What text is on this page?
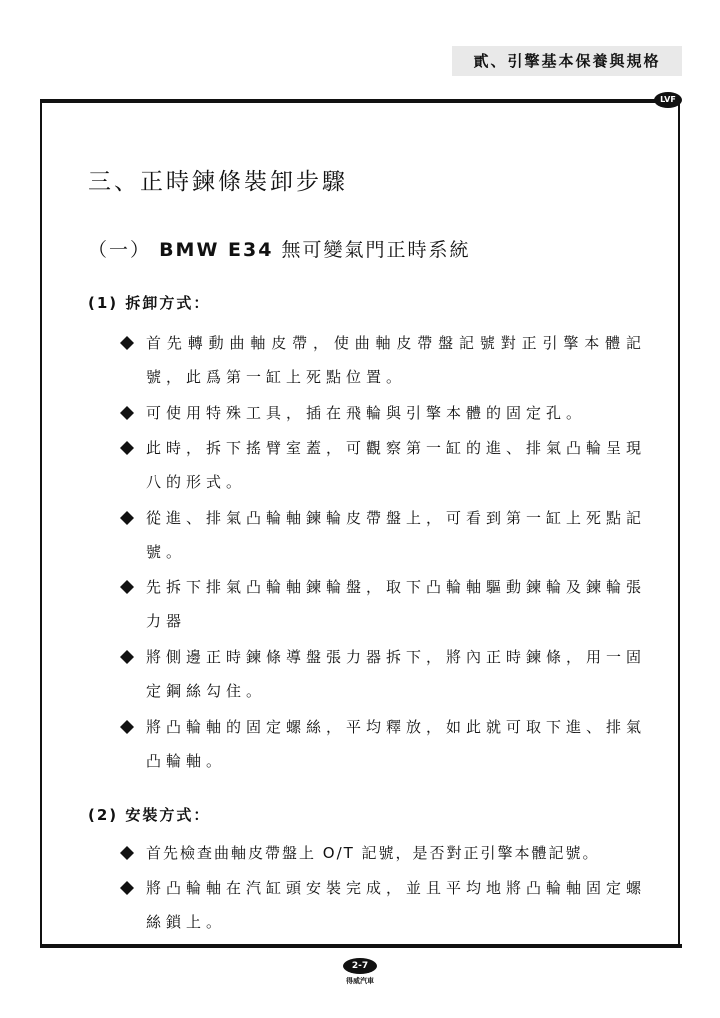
貳、引擎基本保養與規格
LVF
三、正時鍊條裝卸步驟
（一） BMW E34 無可變氣門正時系統
(1) 拆卸方式：
首先轉動曲軸皮帶，使曲軸皮帶盤記號對正引擎本體記號，此爲第一缸上死點位置。
可使用特殊工具，插在飛輪與引擎本體的固定孔。
此時，拆下搖臂室蓋，可觀察第一缸的進、排氣凸輪呈現八的形式。
從進、排氣凸輪軸鍊輪皮帶盤上，可看到第一缸上死點記號。
先拆下排氣凸輪軸鍊輪盤，取下凸輪軸驅動鍊輪及鍊輪張力器
將側邊正時鍊條導盤張力器拆下，將內正時鍊條，用一固定鋼絲勾住。
將凸輪軸的固定螺絲，平均釋放，如此就可取下進、排氣凸輪軸。
(2) 安裝方式：
首先檢查曲軸皮帶盤上 O/T 記號，是否對正引擎本體記號。
將凸輪軸在汽缸頭安裝完成，並且平均地將凸輪軸固定螺絲鎖上。
2-7
得威汽車
